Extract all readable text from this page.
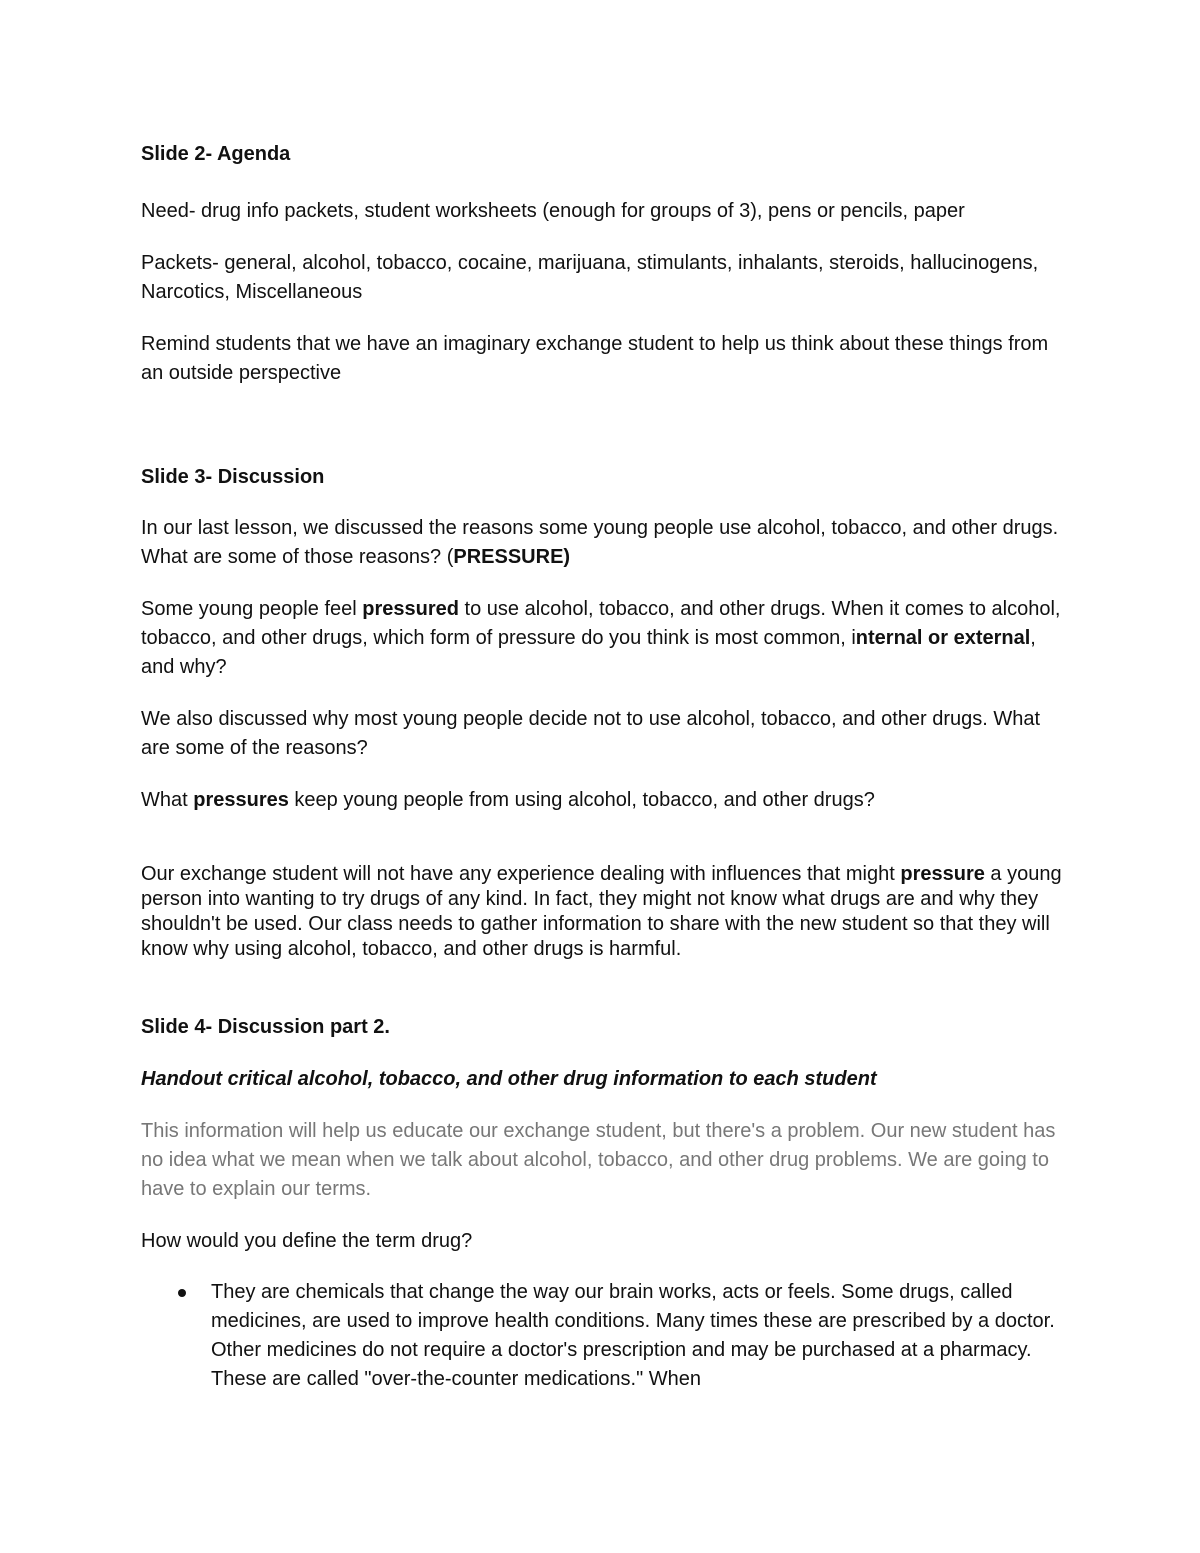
Slide 2- Agenda

Need- drug info packets, student worksheets (enough for groups of 3), pens or pencils, paper

Packets- general, alcohol, tobacco, cocaine, marijuana, stimulants, inhalants, steroids, hallucinogens, Narcotics, Miscellaneous

Remind students that we have an imaginary exchange student to help us think about these things from an outside perspective

Slide 3- Discussion

In our last lesson, we discussed the reasons some young people use alcohol, tobacco, and other drugs. What are some of those reasons? (PRESSURE)

Some young people feel pressured to use alcohol, tobacco, and other drugs. When it comes to alcohol, tobacco, and other drugs, which form of pressure do you think is most common, internal or external, and why?

We also discussed why most young people decide not to use alcohol, tobacco, and other drugs. What are some of the reasons?

What pressures keep young people from using alcohol, tobacco, and other drugs?

Our exchange student will not have any experience dealing with influences that might pressure a young person into wanting to try drugs of any kind. In fact, they might not know what drugs are and why they shouldn't be used. Our class needs to gather information to share with the new student so that they will know why using alcohol, tobacco, and other drugs is harmful.

Slide 4- Discussion part 2.

Handout critical alcohol, tobacco, and other drug information to each student

This information will help us educate our exchange student, but there's a problem. Our new student has no idea what we mean when we talk about alcohol, tobacco, and other drug problems. We are going to have to explain our terms.

How would you define the term drug?

They are chemicals that change the way our brain works, acts or feels. Some drugs, called medicines, are used to improve health conditions. Many times these are prescribed by a doctor. Other medicines do not require a doctor's prescription and may be purchased at a pharmacy. These are called "over-the-counter medications." When
